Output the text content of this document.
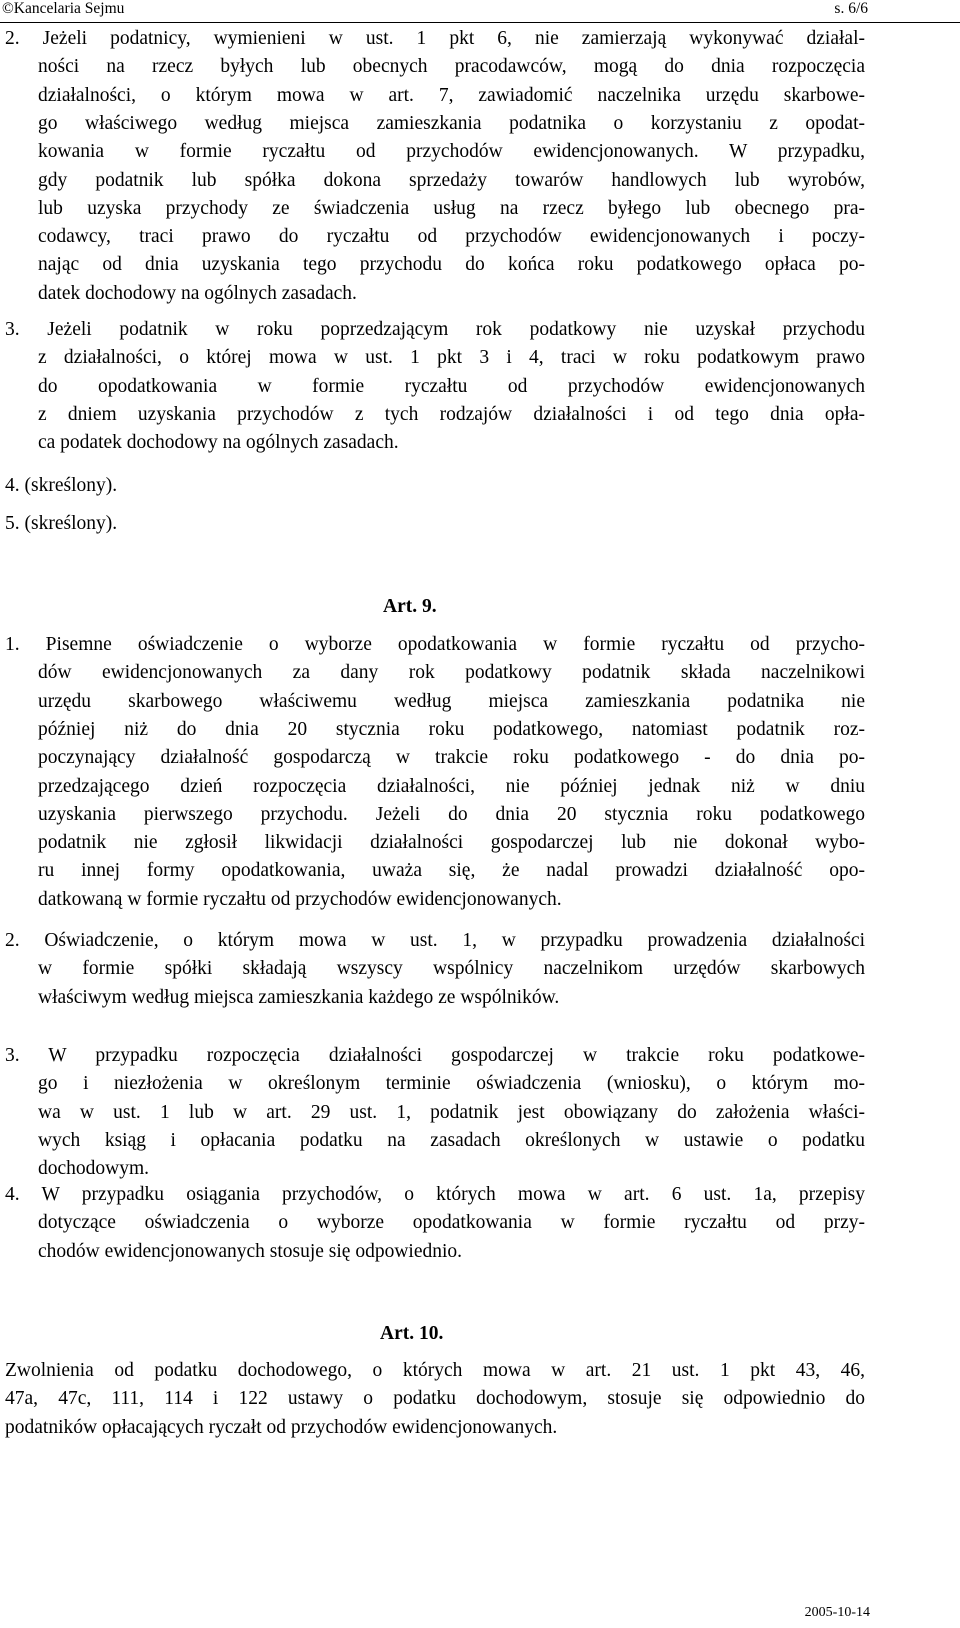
©Kancelaria Sejmu	s. 6/6
2. Jeżeli podatnicy, wymienieni w ust. 1 pkt 6, nie zamierzają wykonywać działal-
ności na rzecz byłych lub obecnych pracodawców, mogą do dnia rozpoczęcia
działalności, o którym mowa w art. 7, zawiadomić naczelnika urzędu skarbowe-
go właściwego według miejsca zamieszkania podatnika o korzystaniu z opodat-
kowania w formie ryczałtu od przychodów ewidencjonowanych. W przypadku,
gdy podatnik lub spółka dokona sprzedaży towarów handlowych lub wyrobów,
lub uzyska przychody ze świadczenia usług na rzecz byłego lub obecnego pra-
codawcy, traci prawo do ryczałtu od przychodów ewidencjonowanych i poczy-
nając od dnia uzyskania tego przychodu do końca roku podatkowego opłaca po-
datek dochodowy na ogólnych zasadach.
3. Jeżeli podatnik w roku poprzedzającym rok podatkowy nie uzyskał przychodu
z działalności, o której mowa w ust. 1 pkt 3 i 4, traci w roku podatkowym prawo
do opodatkowania w formie ryczałtu od przychodów ewidencjonowanych
z dniem uzyskania przychodów z tych rodzajów działalności i od tego dnia opła-
ca podatek dochodowy na ogólnych zasadach.
4. (skreślony).
5. (skreślony).
1. Pisemne oświadczenie o wyborze opodatkowania w formie ryczałtu od przycho-
dów ewidencjonowanych za dany rok podatkowy podatnik składa naczelnikowi
urzędu skarbowego właściwemu według miejsca zamieszkania podatnika nie
później niż do dnia 20 stycznia roku podatkowego, natomiast podatnik roz-
poczynający działalność gospodarczą w trakcie roku podatkowego - do dnia po-
przedzającego dzień rozpoczęcia działalności, nie później jednak niż w dniu
uzyskania pierwszego przychodu. Jeżeli do dnia 20 stycznia roku podatkowego
podatnik nie zgłosił likwidacji działalności gospodarczej lub nie dokonał wybo-
ru innej formy opodatkowania, uważa się, że nadal prowadzi działalność opo-
datkowaną w formie ryczałtu od przychodów ewidencjonowanych.
2. Oświadczenie, o którym mowa w ust. 1, w przypadku prowadzenia działalności
w formie spółki składają wszyscy wspólnicy naczelnikom urzędów skarbowych
właściwym według miejsca zamieszkania każdego ze wspólników.
3. W przypadku rozpoczęcia działalności gospodarczej w trakcie roku podatkowe-
go i niezłożenia w określonym terminie oświadczenia (wniosku), o którym mo-
wa w ust. 1 lub w art. 29 ust. 1, podatnik jest obowiązany do założenia właści-
wych ksiąg i opłacania podatku na zasadach określonych w ustawie o podatku
dochodowym.
4. W przypadku osiągania przychodów, o których mowa w art. 6 ust. 1a, przepisy
dotyczące oświadczenia o wyborze opodatkowania w formie ryczałtu od przy-
chodów ewidencjonowanych stosuje się odpowiednio.
Zwolnienia od podatku dochodowego, o których mowa w art. 21 ust. 1 pkt 43, 46,
47a, 47c, 111, 114 i 122 ustawy o podatku dochodowym, stosuje się odpowiednio do
podatników opłacających ryczałt od przychodów ewidencjonowanych.
Art. 9.
Art. 10.
2005-10-14
